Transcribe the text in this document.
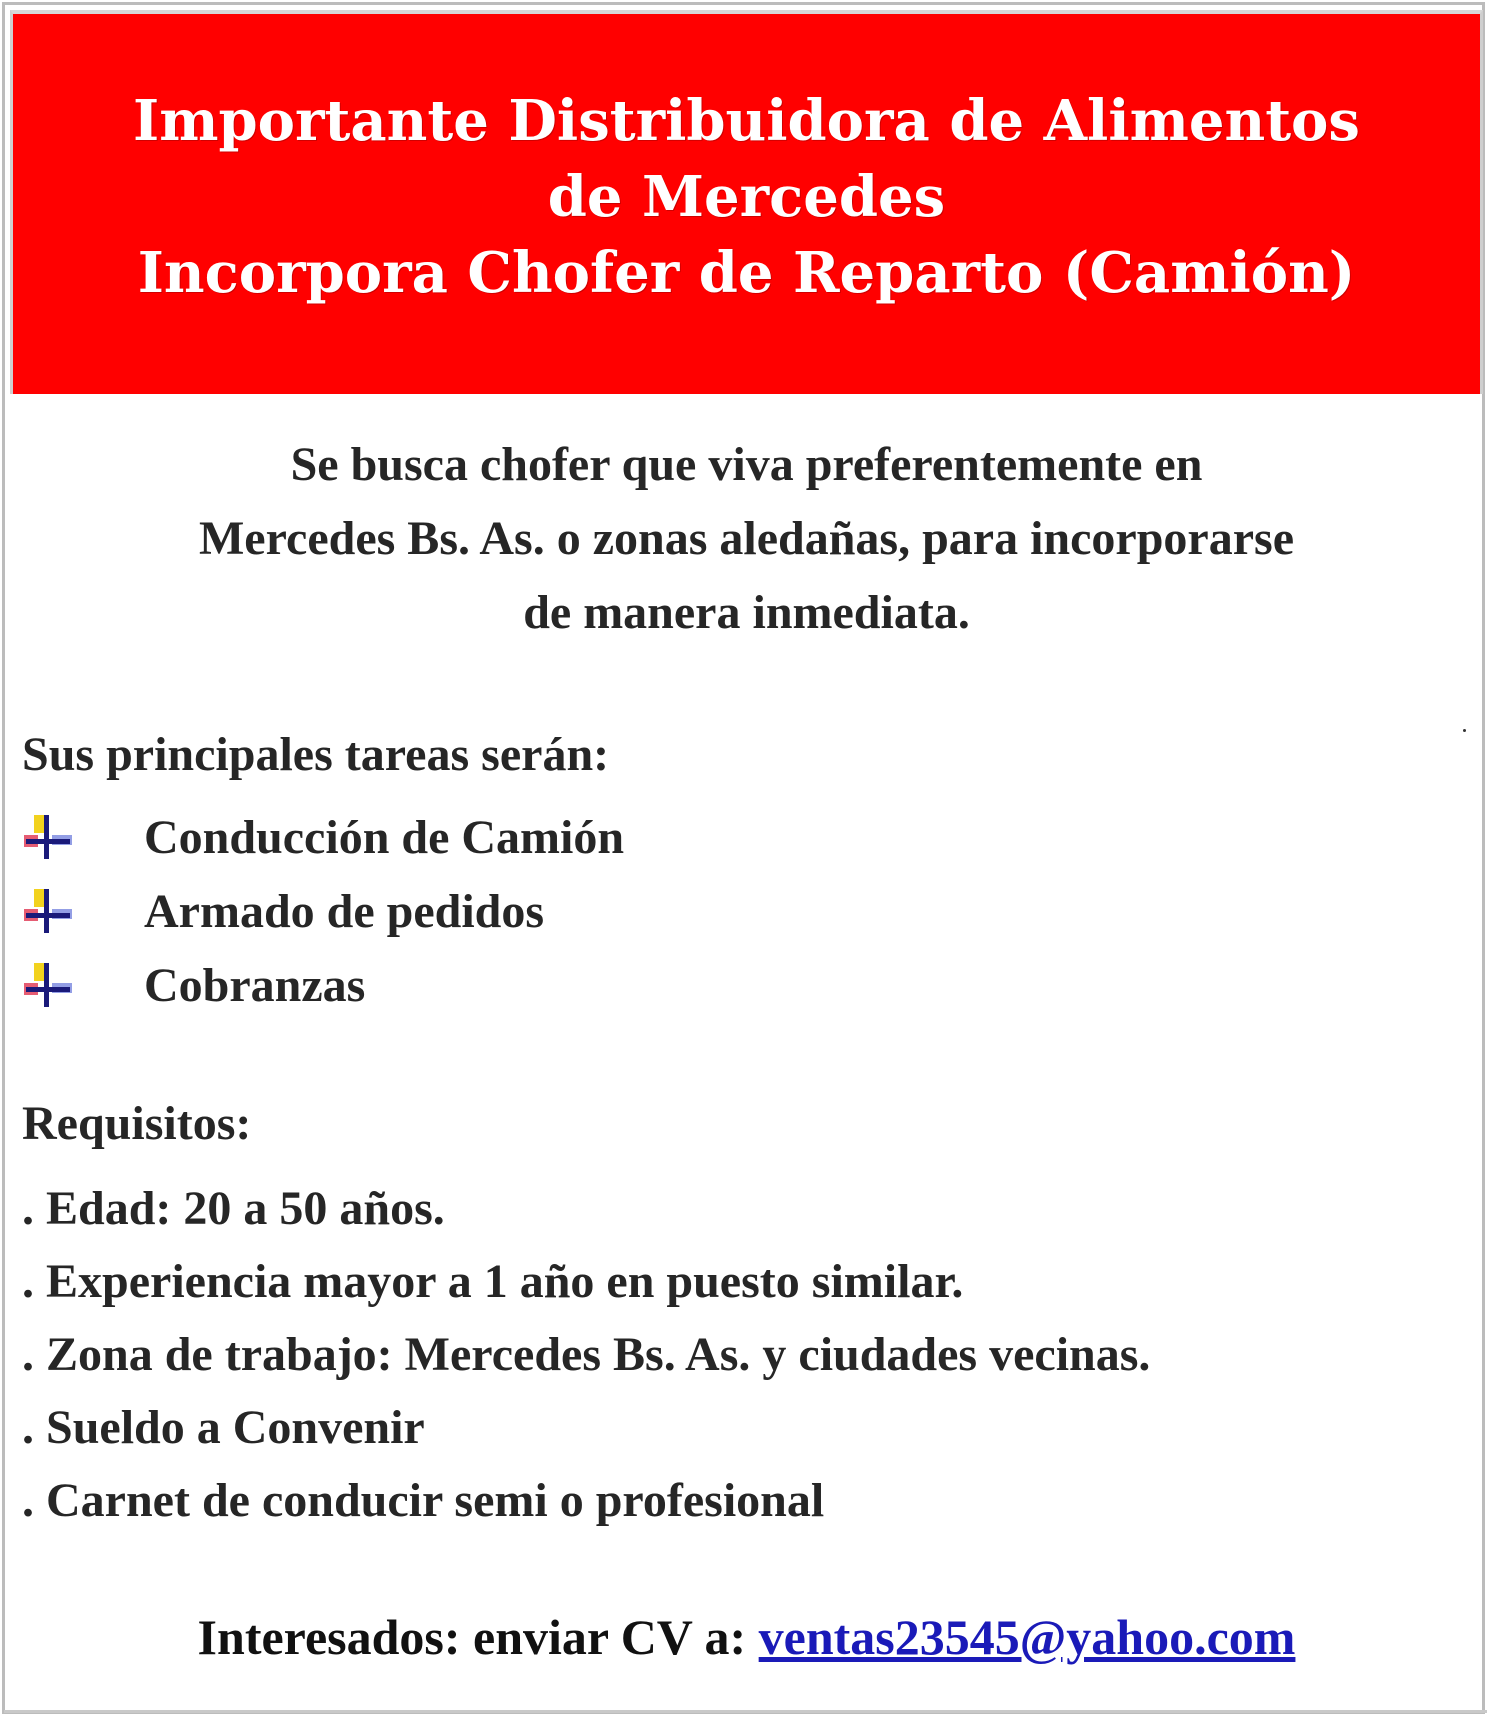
Importante Distribuidora de Alimentos
de Mercedes
Incorpora Chofer de Reparto (Camión)

Se busca chofer que viva preferentemente en

Mercedes Bs. As. o zonas aledañas, para incorporarse

de manera inmediata.

Sus principales tareas serán:
Conducción de Camión
Armado de pedidos
Cobranzas
Requisitos:
. Edad: 20 a 50 años.
. Experiencia mayor a 1 año en puesto similar.
. Zona de trabajo: Mercedes Bs. As. y ciudades vecinas.
. Sueldo a Convenir
. Carnet de conducir semi o profesional
Interesados: enviar CV a: ventas23545@yahoo.com
